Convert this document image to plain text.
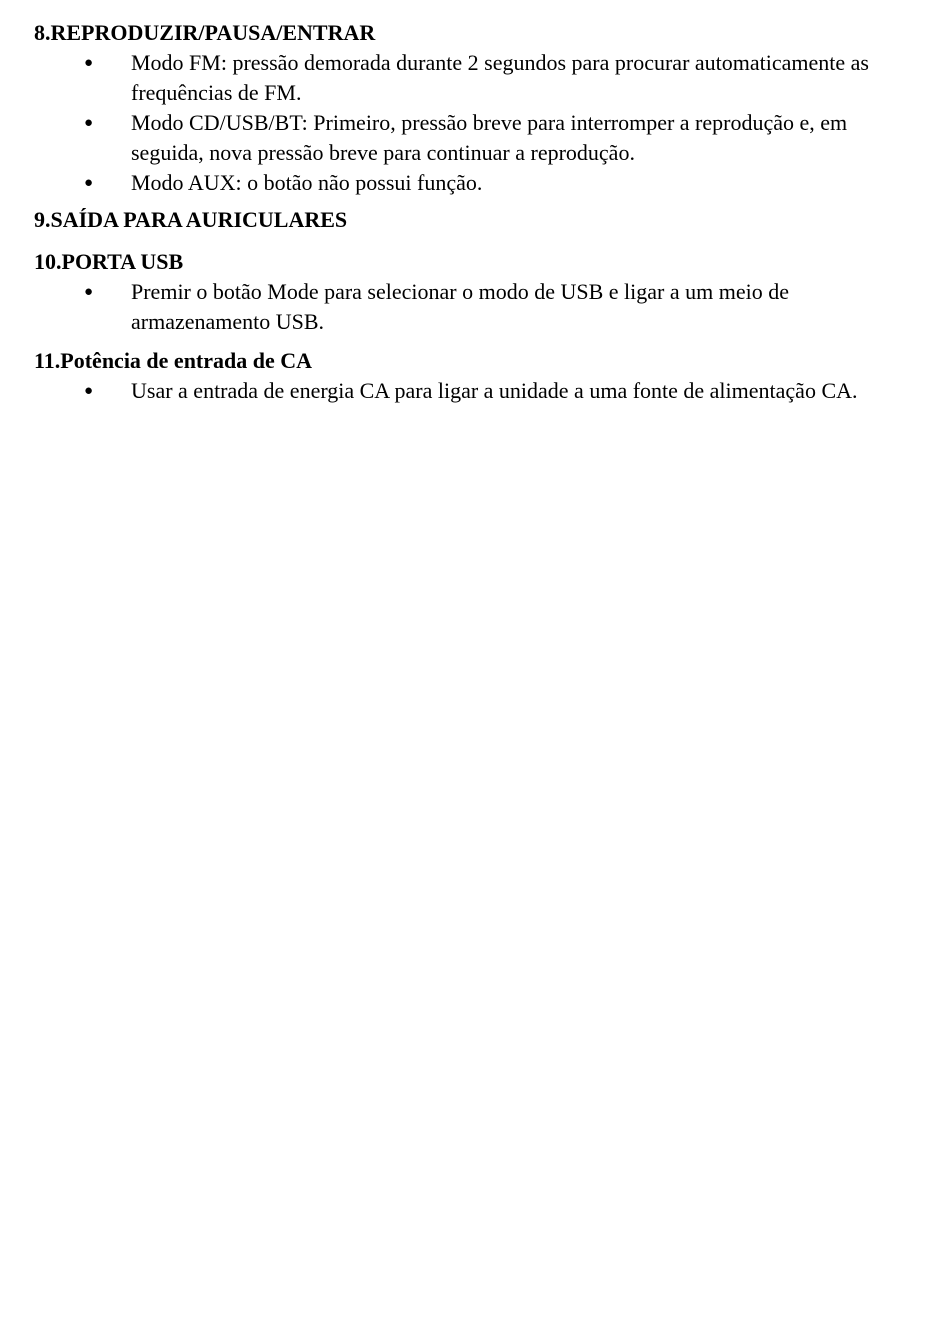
8.REPRODUZIR/PAUSA/ENTRAR
● Modo FM: pressão demorada durante 2 segundos para procurar automaticamente as frequências de FM.
● Modo CD/USB/BT: Primeiro, pressão breve para interromper a reprodução e, em seguida, nova pressão breve para continuar a reprodução.
● Modo AUX: o botão não possui função.
9.SAÍDA PARA AURICULARES
10.PORTA USB
● Premir o botão Mode para selecionar o modo de USB e ligar a um meio de armazenamento USB.
11.Potência de entrada de CA
● Usar a entrada de energia CA para ligar a unidade a uma fonte de alimentação CA.
